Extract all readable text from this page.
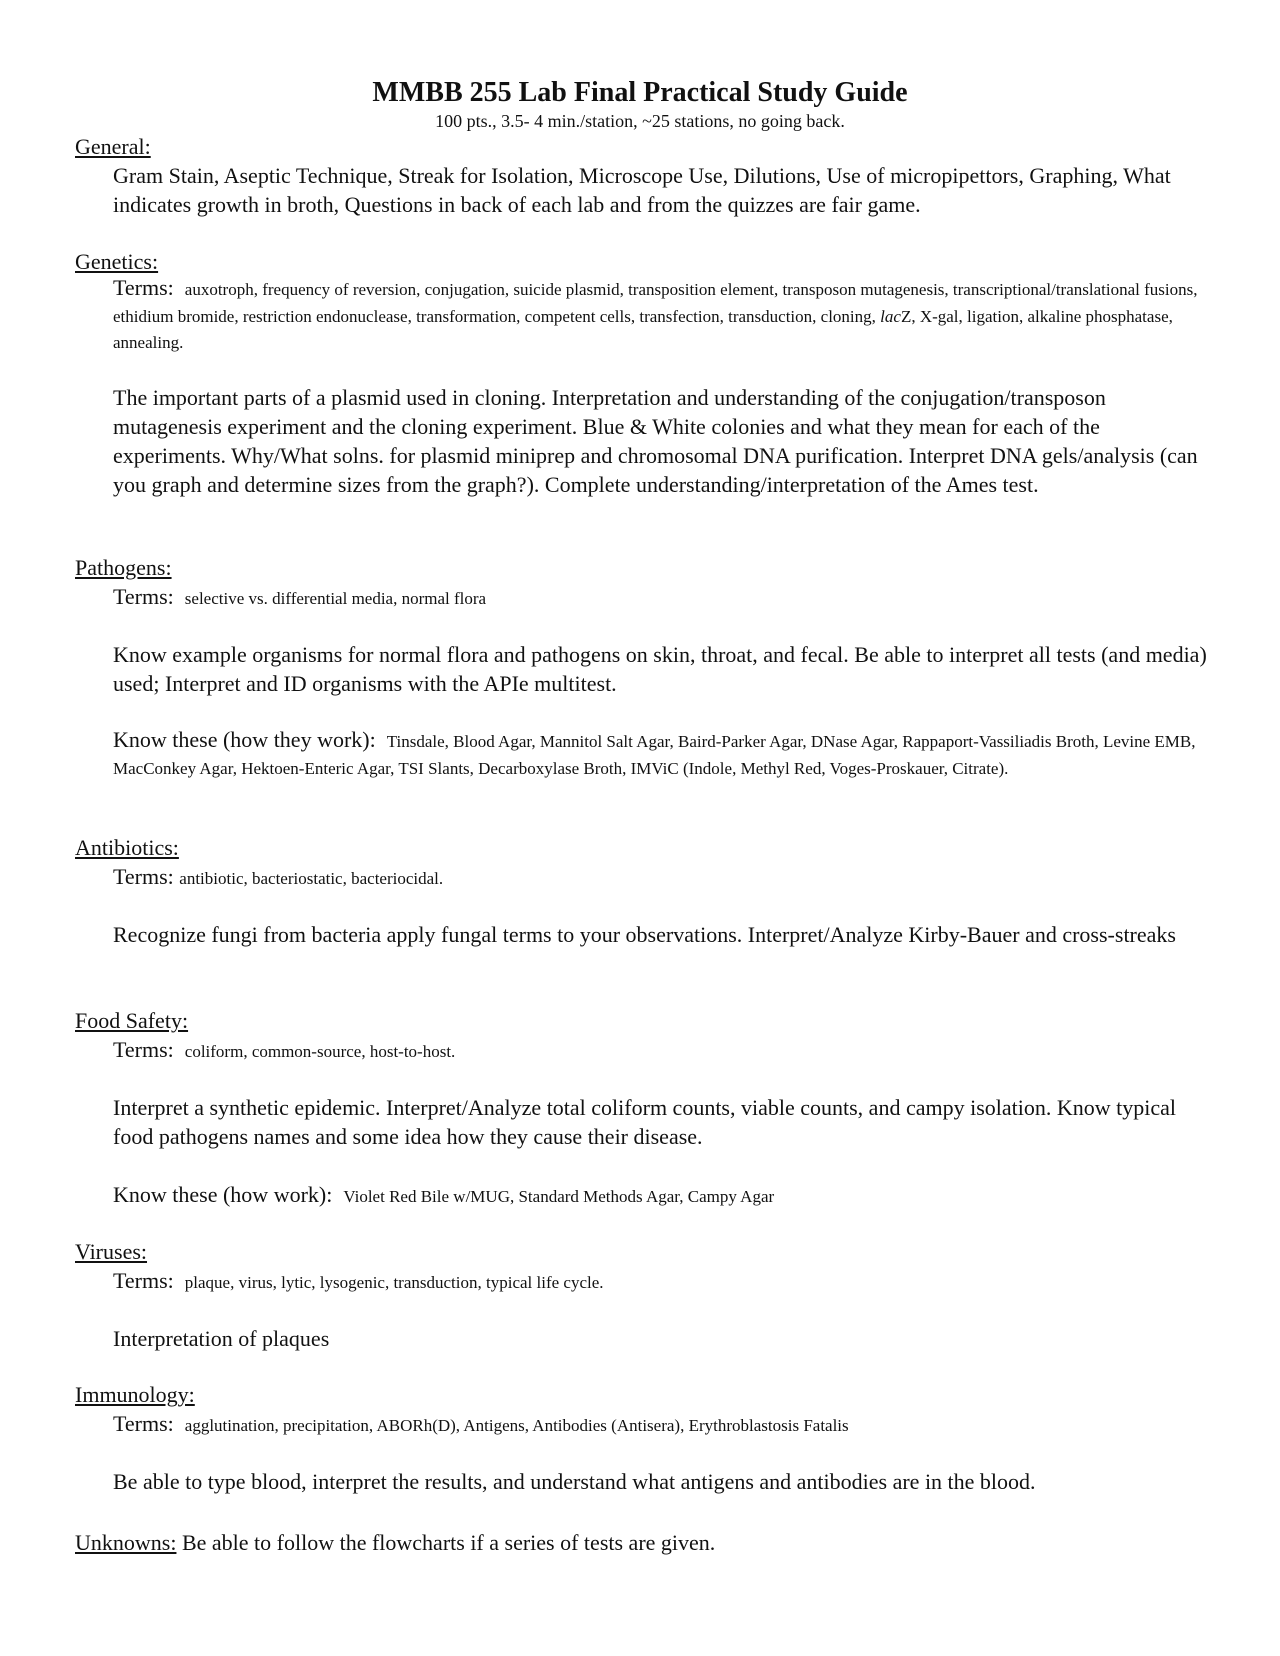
MMBB 255 Lab Final Practical Study Guide
100 pts., 3.5- 4 min./station, ~25 stations, no going back.
General:
Gram Stain, Aseptic Technique, Streak for Isolation, Microscope Use, Dilutions, Use of micropipettors, Graphing, What indicates growth in broth, Questions in back of each lab and from the quizzes are fair game.
Genetics:
Terms: auxotroph, frequency of reversion, conjugation, suicide plasmid, transposition element, transposon mutagenesis, transcriptional/translational fusions, ethidium bromide, restriction endonuclease, transformation, competent cells, transfection, transduction, cloning, lacZ, X-gal, ligation, alkaline phosphatase, annealing.
The important parts of a plasmid used in cloning. Interpretation and understanding of the conjugation/transposon mutagenesis experiment and the cloning experiment. Blue & White colonies and what they mean for each of the experiments. Why/What solns. for plasmid miniprep and chromosomal DNA purification. Interpret DNA gels/analysis (can you graph and determine sizes from the graph?). Complete understanding/interpretation of the Ames test.
Pathogens:
Terms: selective vs. differential media, normal flora
Know example organisms for normal flora and pathogens on skin, throat, and fecal. Be able to interpret all tests (and media) used; Interpret and ID organisms with the APIe multitest.
Know these (how they work): Tinsdale, Blood Agar, Mannitol Salt Agar, Baird-Parker Agar, DNase Agar, Rappaport-Vassiliadis Broth, Levine EMB, MacConkey Agar, Hektoen-Enteric Agar, TSI Slants, Decarboxylase Broth, IMViC (Indole, Methyl Red, Voges-Proskauer, Citrate).
Antibiotics:
Terms: antibiotic, bacteriostatic, bacteriocidal.
Recognize fungi from bacteria apply fungal terms to your observations. Interpret/Analyze Kirby-Bauer and cross-streaks
Food Safety:
Terms: coliform, common-source, host-to-host.
Interpret a synthetic epidemic. Interpret/Analyze total coliform counts, viable counts, and campy isolation. Know typical food pathogens names and some idea how they cause their disease.
Know these (how work): Violet Red Bile w/MUG, Standard Methods Agar, Campy Agar
Viruses:
Terms: plaque, virus, lytic, lysogenic, transduction, typical life cycle.
Interpretation of plaques
Immunology:
Terms: agglutination, precipitation, ABORh(D), Antigens, Antibodies (Antisera), Erythroblastosis Fatalis
Be able to type blood, interpret the results, and understand what antigens and antibodies are in the blood.
Unknowns: Be able to follow the flowcharts if a series of tests are given.
